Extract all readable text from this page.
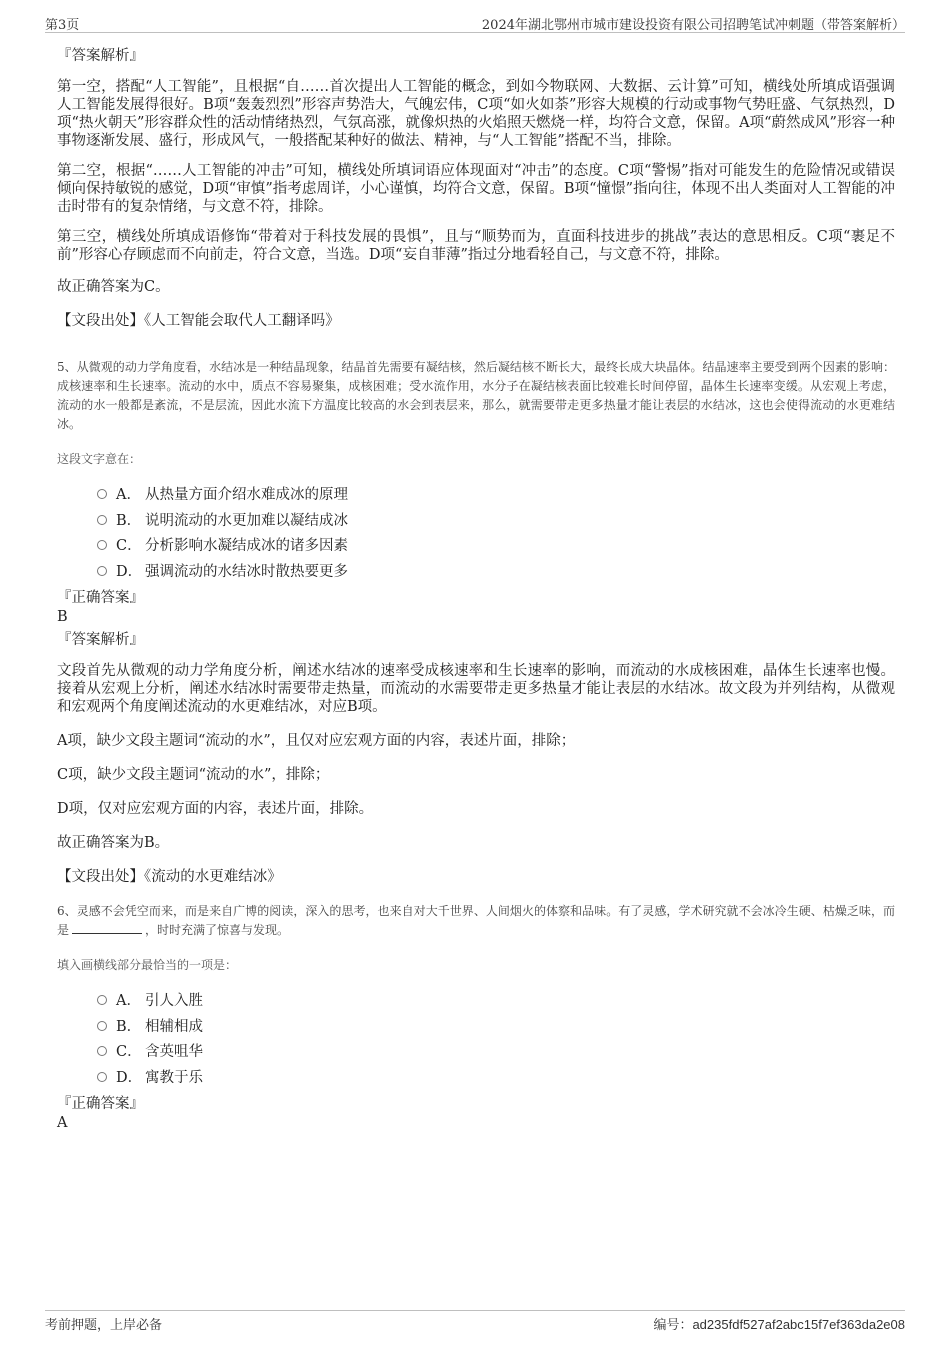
第3页	2024年湖北鄂州市城市建设投资有限公司招聘笔试冲刺题（带答案解析）
『答案解析』

第一空，搭配“人工智能”，且根据“自……首次提出人工智能的概念，到如今物联网、大数据、云计算”可知，横线处所填成语强调人工智能发展得很好。B项“轰轰烈烈”形容声势浩大，气魄宏伟，C项“如火如荼”形容大规模的行动或事物气势旺盛、气氛热烈，D项“热火朝天”形容群众性的活动情绪热烈，气氛高涨，就像炽热的火焰照天燃烧一样，均符合文意，保留。A项“蔚然成风”形容一种事物逐渐发展、盛行，形成风气，一般搭配某种好的做法、精神，与“人工智能”搭配不当，排除。

第二空，根据“……人工智能的冲击”可知，横线处所填词语应体现面对“冲击”的态度。C项“警惕”指对可能发生的危险情况或错误倾向保持敏锐的感觉，D项“审慎”指考虑周详，小心谨慎，均符合文意，保留。B项“憧憬”指向往，体现不出人类面对人工智能的冲击时带有的复杂情绪，与文意不符，排除。

第三空，横线处所填成语修饰“带着对于科技发展的畏惧”，且与“顺势而为，直面科技进步的挑战”表达的意思相反。C项“裹足不前”形容心存顾虑而不向前走，符合文意，当选。D项“妄自菲薄”指过分地看轻自己，与文意不符，排除。

故正确答案为C。

【文段出处】《人工智能会取代人工翻译吗》

5、从微观的动力学角度看，水结冰是一种结晶现象，结晶首先需要有凝结核，然后凝结核不断长大，最终长成大块晶体。结晶速率主要受到两个因素的影响：成核速率和生长速率。流动的水中，质点不容易聚集，成核困难；受水流作用，水分子在凝结核表面比较难长时间停留，晶体生长速率变缓。从宏观上考虑，流动的水一般都是紊流，不是层流，因此水流下方温度比较高的水会到表层来，那么，就需要带走更多热量才能让表层的水结冰，这也会使得流动的水更难结冰。

这段文字意在：

A． 从热量方面介绍水难成冰的原理
B． 说明流动的水更加难以凝结成冰
C． 分析影响水凝结成冰的诸多因素
D． 强调流动的水结冰时散热要更多
『正确答案』
B
『答案解析』

文段首先从微观的动力学角度分析，阐述水结冰的速率受成核速率和生长速率的影响，而流动的水成核困难，晶体生长速率也慢。接着从宏观上分析，阐述水结冰时需要带走热量，而流动的水需要带走更多热量才能让表层的水结冰。故文段为并列结构，从微观和宏观两个角度阐述流动的水更难结冰，对应B项。

A项，缺少文段主题词“流动的水”，且仅对应宏观方面的内容，表述片面，排除；

C项，缺少文段主题词“流动的水”，排除；

D项，仅对应宏观方面的内容，表述片面，排除。

故正确答案为B。

【文段出处】《流动的水更难结冰》

6、灵感不会凭空而来，而是来自广博的阅读，深入的思考，也来自对大千世界、人间烟火的体察和品味。有了灵感，学术研究就不会冰冷生硬、枯燥乏味，而是	，时时充满了惊喜与发现。

填入画横线部分最恰当的一项是：

A． 引人入胜
B． 相辅相成
C． 含英咀华
D． 寓教于乐
『正确答案』
A
考前押题，上岸必备	编号：ad235fdf527af2abc15f7ef363da2e08
